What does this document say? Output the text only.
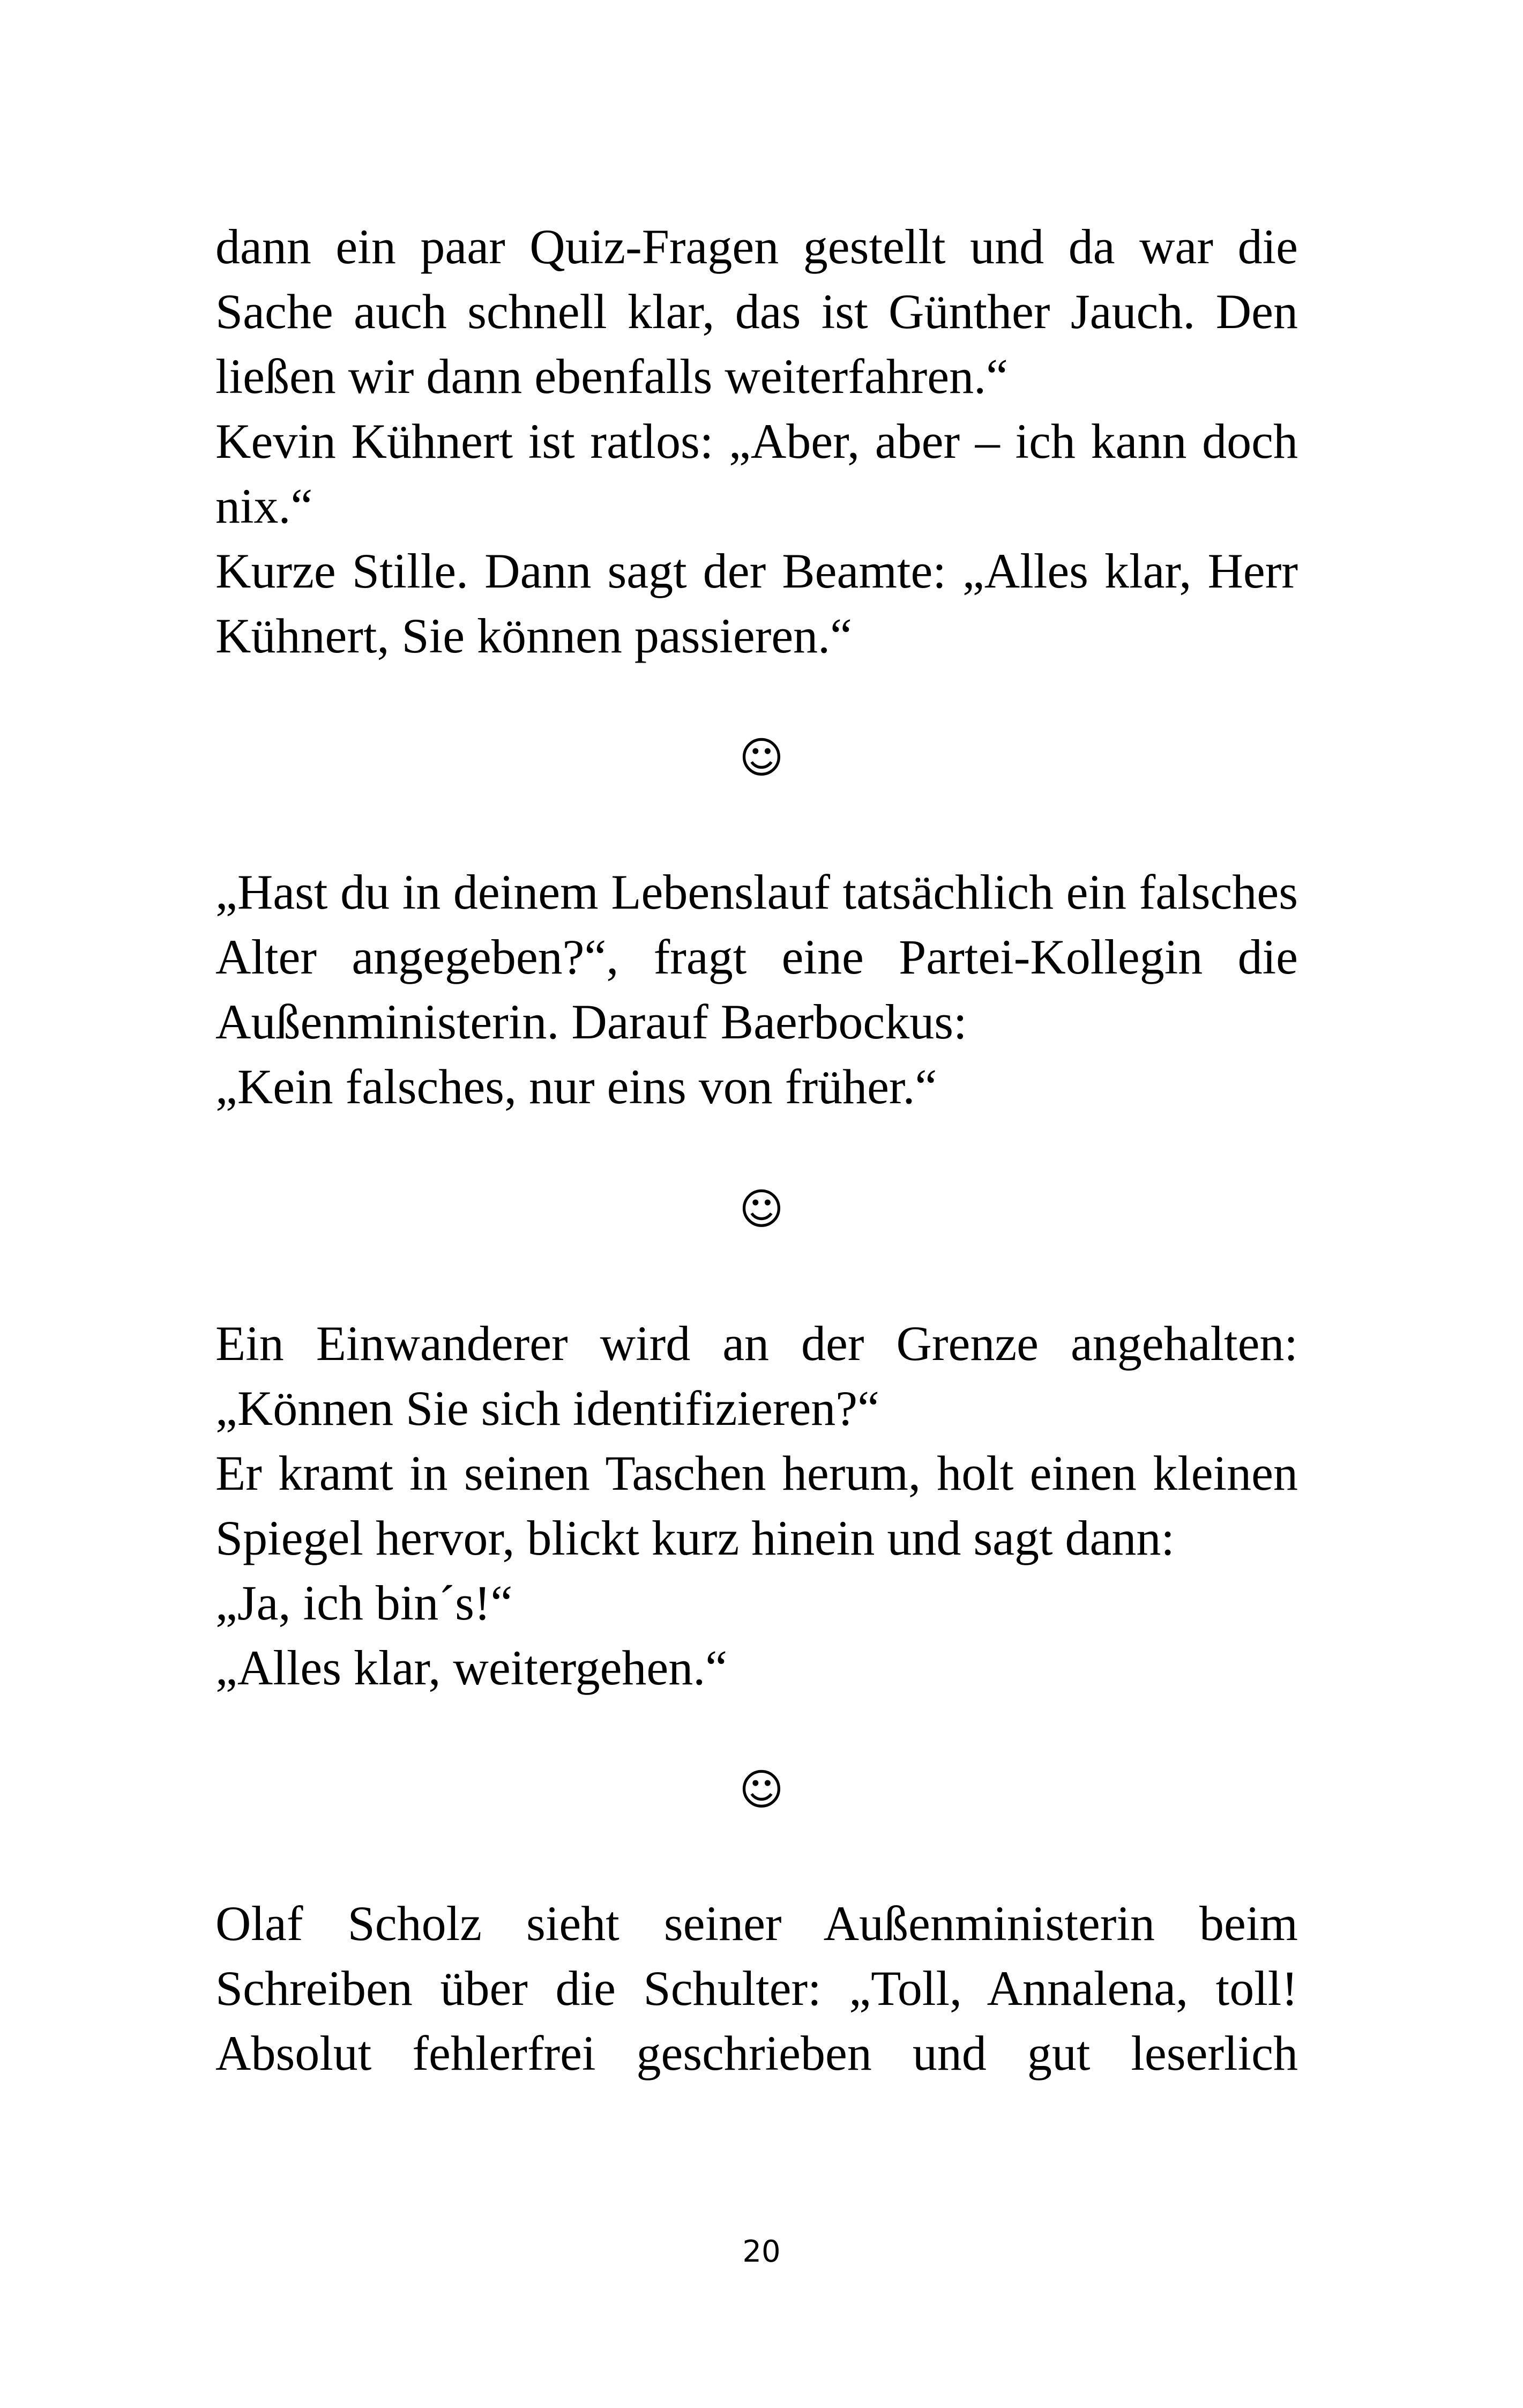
dann ein paar Quiz-Fragen gestellt und da war die
Sache auch schnell klar, das ist Günther Jauch. Den
ließen wir dann ebenfalls weiterfahren.“
Kevin Kühnert ist ratlos: „Aber, aber – ich kann doch
nix.“
Kurze Stille. Dann sagt der Beamte: „Alles klar, Herr
Kühnert, Sie können passieren.“
☺
„Hast du in deinem Lebenslauf tatsächlich ein falsches
Alter angegeben?“, fragt eine Partei-Kollegin die
Außenministerin. Darauf Baerbockus:
„Kein falsches, nur eins von früher.“
☺
Ein Einwanderer wird an der Grenze angehalten:
„Können Sie sich identifizieren?“
Er kramt in seinen Taschen herum, holt einen kleinen
Spiegel hervor, blickt kurz hinein und sagt dann:
„Ja, ich bin´s!“
„Alles klar, weitergehen.“
☺
Olaf Scholz sieht seiner Außenministerin beim
Schreiben über die Schulter: „Toll, Annalena, toll!
Absolut fehlerfrei geschrieben und gut leserlich
20
